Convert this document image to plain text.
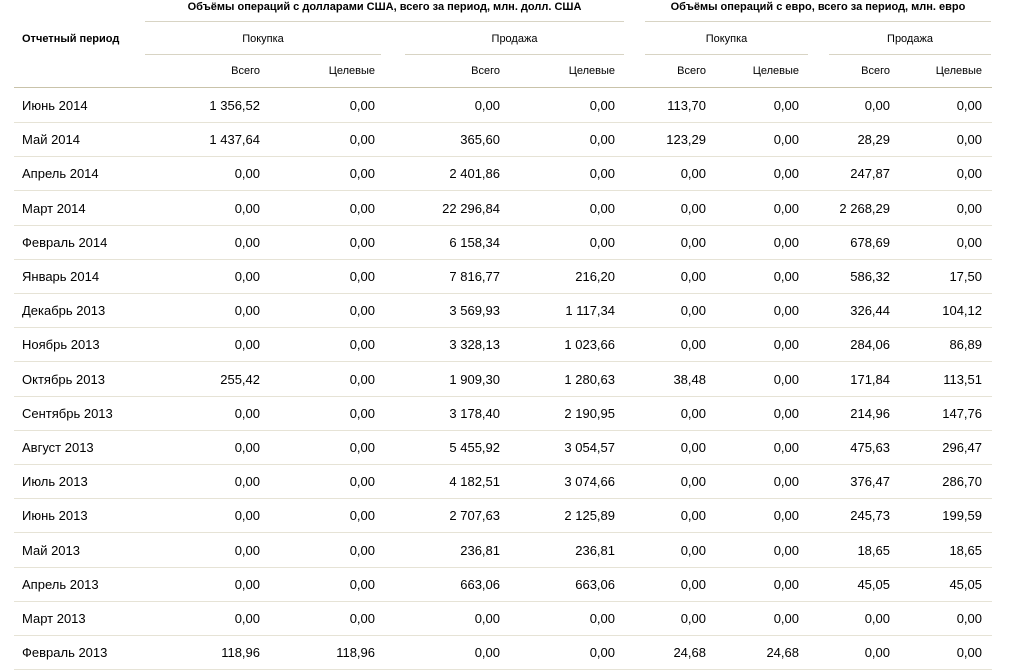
Объёмы операций с долларами США, всего за период, млн. долл. США	Объёмы операций с евро, всего за период, млн. евро
Отчетный период	Покупка	Продажа	Покупка	Продажа
Всего	Целевые	Всего	Целевые	Всего	Целевые	Всего	Целевые
Июнь 2014	1 356,52	0,00	0,00	0,00	113,70	0,00	0,00	0,00
Май 2014	1 437,64	0,00	365,60	0,00	123,29	0,00	28,29	0,00
Апрель 2014	0,00	0,00	2 401,86	0,00	0,00	0,00	247,87	0,00
Март 2014	0,00	0,00	22 296,84	0,00	0,00	0,00	2 268,29	0,00
Февраль 2014	0,00	0,00	6 158,34	0,00	0,00	0,00	678,69	0,00
Январь 2014	0,00	0,00	7 816,77	216,20	0,00	0,00	586,32	17,50
Декабрь 2013	0,00	0,00	3 569,93	1 117,34	0,00	0,00	326,44	104,12
Ноябрь 2013	0,00	0,00	3 328,13	1 023,66	0,00	0,00	284,06	86,89
Октябрь 2013	255,42	0,00	1 909,30	1 280,63	38,48	0,00	171,84	113,51
Сентябрь 2013	0,00	0,00	3 178,40	2 190,95	0,00	0,00	214,96	147,76
Август 2013	0,00	0,00	5 455,92	3 054,57	0,00	0,00	475,63	296,47
Июль 2013	0,00	0,00	4 182,51	3 074,66	0,00	0,00	376,47	286,70
Июнь 2013	0,00	0,00	2 707,63	2 125,89	0,00	0,00	245,73	199,59
Май 2013	0,00	0,00	236,81	236,81	0,00	0,00	18,65	18,65
Апрель 2013	0,00	0,00	663,06	663,06	0,00	0,00	45,05	45,05
Март 2013	0,00	0,00	0,00	0,00	0,00	0,00	0,00	0,00
Февраль 2013	118,96	118,96	0,00	0,00	24,68	24,68	0,00	0,00
